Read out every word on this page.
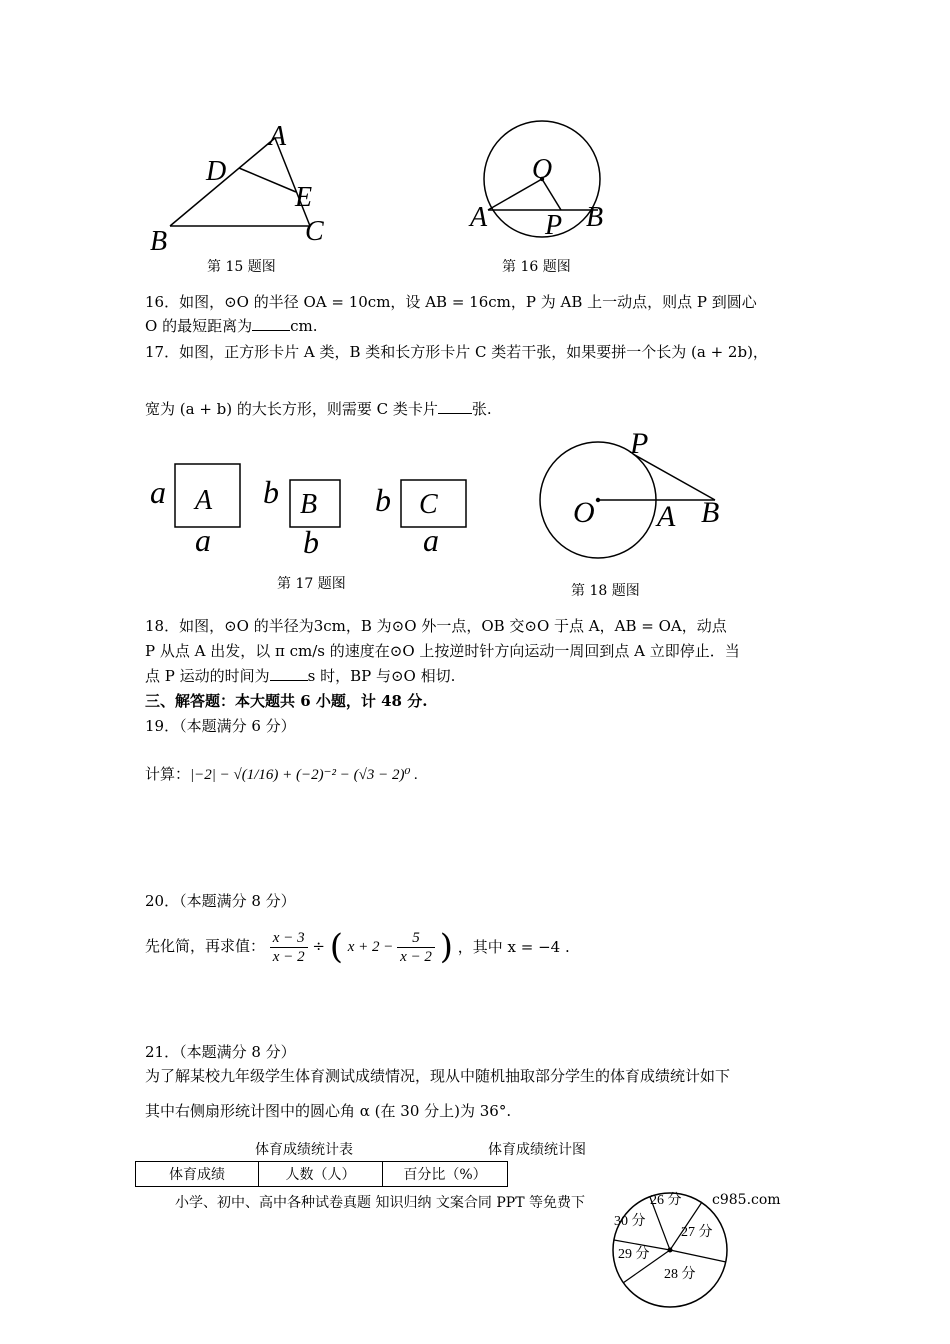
A
D
E
C
B
第 15 题图
O
A P B
第 16 题图
16．如图，⊙O 的半径 OA = 10cm，设 AB = 16cm，P 为 AB 上一动点，则点 P 到圆心
O 的最短距离为	cm.
17．如图，正方形卡片 A 类，B 类和长方形卡片 C 类若干张，如果要拼一个长为 (a + 2b)，
宽为 (a + b) 的大长方形，则需要 C 类卡片 张.
A
a
a
B
b
b
C
b
a
第 17 题图
P
O A B
第 18 题图
18．如图，⊙O 的半径为3cm，B 为⊙O 外一点，OB 交⊙O 于点 A，AB = OA，动点
P 从点 A 出发，以 π cm/s 的速度在⊙O 上按逆时针方向运动一周回到点 A 立即停止．当
点 P 运动的时间为	s 时，BP 与⊙O 相切.
三、解答题：本大题共 6 小题，计 48 分.
19．（本题满分 6 分）
计算：|−2| − √(1/16) + (−2)⁻² − (√3 − 2)⁰ .
20．（本题满分 8 分）
先化简，再求值： $\frac{x - 3}{x - 2}$ ÷ ( $x + 2 - \frac{5}{x - 2}$ ) ，其中 x = −4 .
21．（本题满分 8 分）
为了解某校九年级学生体育测试成绩情况，现从中随机抽取部分学生的体育成绩统计如下
其中右侧扇形统计图中的圆心角 α (在 30 分上)为 36°.
体育成绩统计表	体育成绩统计图
体育成绩	人数（人）	百分比（%）
26 分
27 分
28 分
29 分
30 分
小学、初中、高中各种试卷真题 知识归纳 文案合同 PPT 等免费下	c985.com
